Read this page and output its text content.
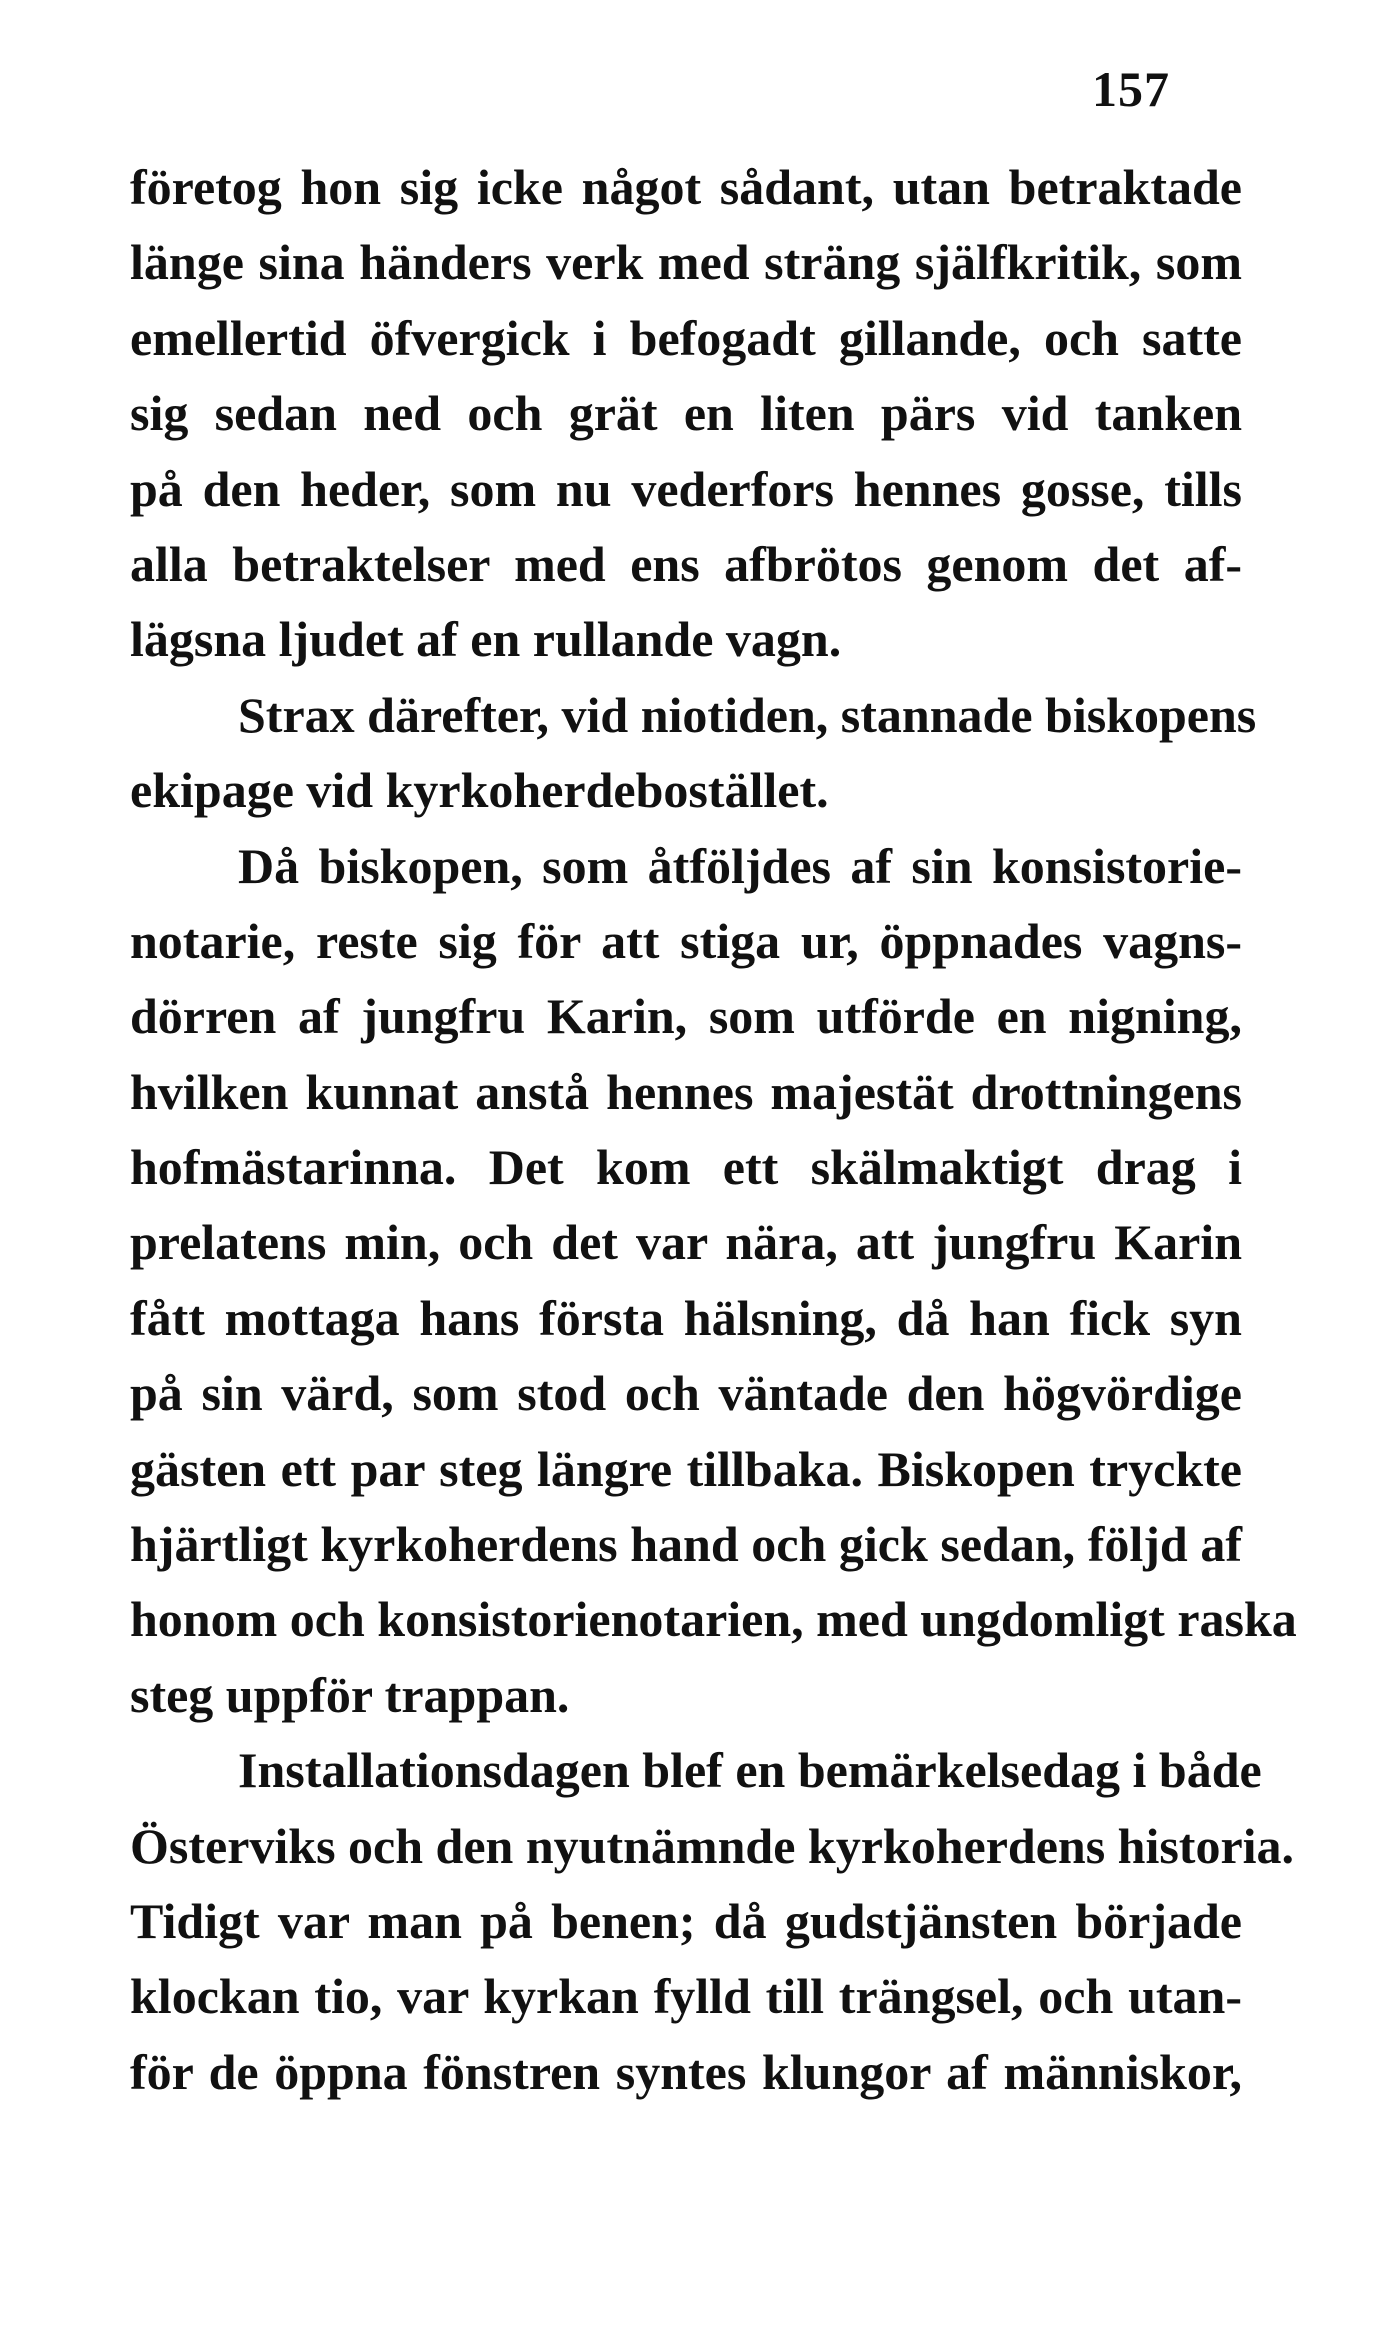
157
företog hon sig icke något sådant, utan betraktade
länge sina händers verk med sträng själfkritik, som
emellertid öfvergick i befogadt gillande, och satte
sig sedan ned och grät en liten pärs vid tanken
på den heder, som nu vederfors hennes gosse, tills
alla betraktelser med ens afbrötos genom det af-
lägsna ljudet af en rullande vagn.
Strax därefter, vid niotiden, stannade biskopens
ekipage vid kyrkoherdebostället.
Då biskopen, som åtföljdes af sin konsistorie-
notarie, reste sig för att stiga ur, öppnades vagns-
dörren af jungfru Karin, som utförde en nigning,
hvilken kunnat anstå hennes majestät drottningens
hofmästarinna. Det kom ett skälmaktigt drag i
prelatens min, och det var nära, att jungfru Karin
fått mottaga hans första hälsning, då han fick syn
på sin värd, som stod och väntade den högvördige
gästen ett par steg längre tillbaka. Biskopen tryckte
hjärtligt kyrkoherdens hand och gick sedan, följd af
honom och konsistorienotarien, med ungdomligt raska
steg uppför trappan.
Installationsdagen blef en bemärkelsedag i både
Österviks och den nyutnämnde kyrkoherdens historia.
Tidigt var man på benen; då gudstjänsten började
klockan tio, var kyrkan fylld till trängsel, och utan-
för de öppna fönstren syntes klungor af människor,
